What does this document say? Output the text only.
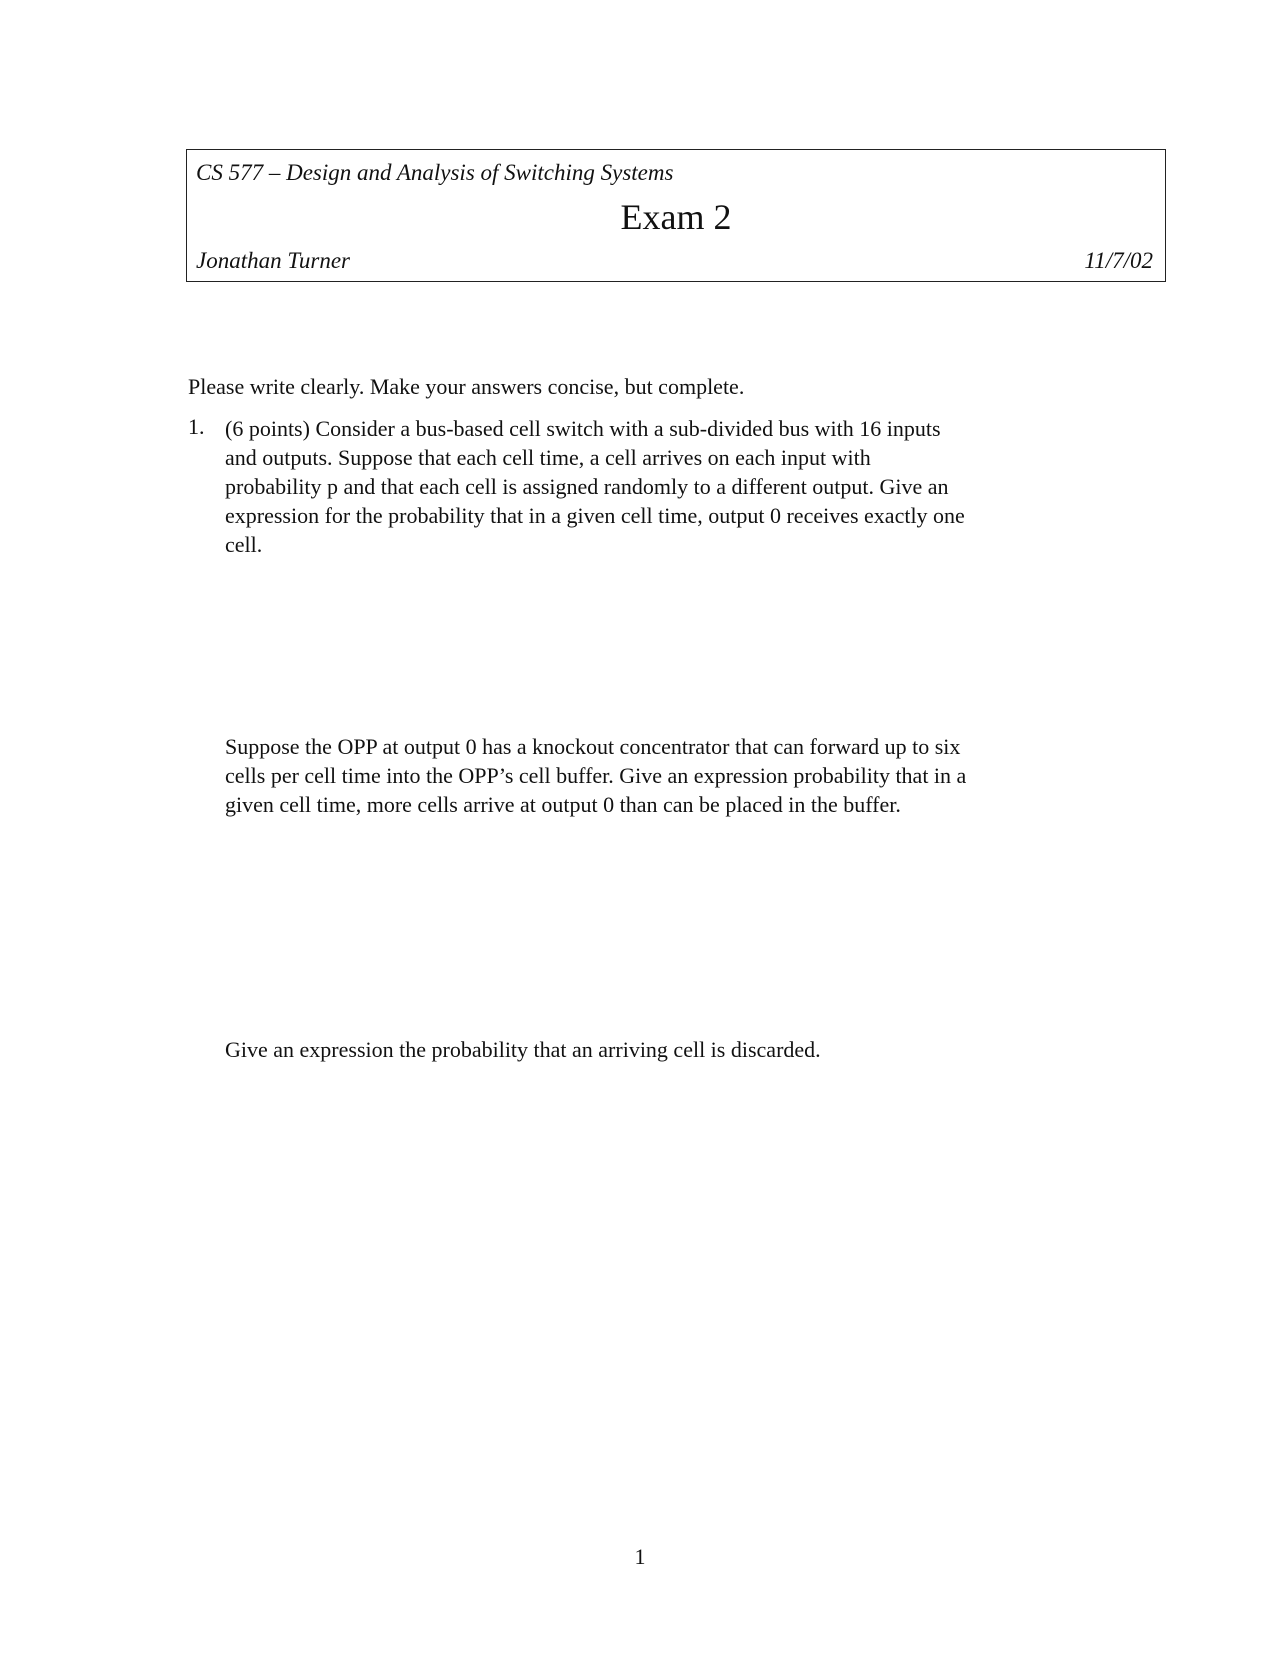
CS 577 – Design and Analysis of Switching Systems
Exam 2
Jonathan Turner	11/7/02
Please write clearly. Make your answers concise, but complete.
1. (6 points) Consider a bus-based cell switch with a sub-divided bus with 16 inputs
and outputs. Suppose that each cell time, a cell arrives on each input with
probability p and that each cell is assigned randomly to a different output. Give an
expression for the probability that in a given cell time, output 0 receives exactly one
cell.

Suppose the OPP at output 0 has a knockout concentrator that can forward up to six
cells per cell time into the OPP’s cell buffer. Give an expression probability that in a
given cell time, more cells arrive at output 0 than can be placed in the buffer.

Give an expression the probability that an arriving cell is discarded.

1
